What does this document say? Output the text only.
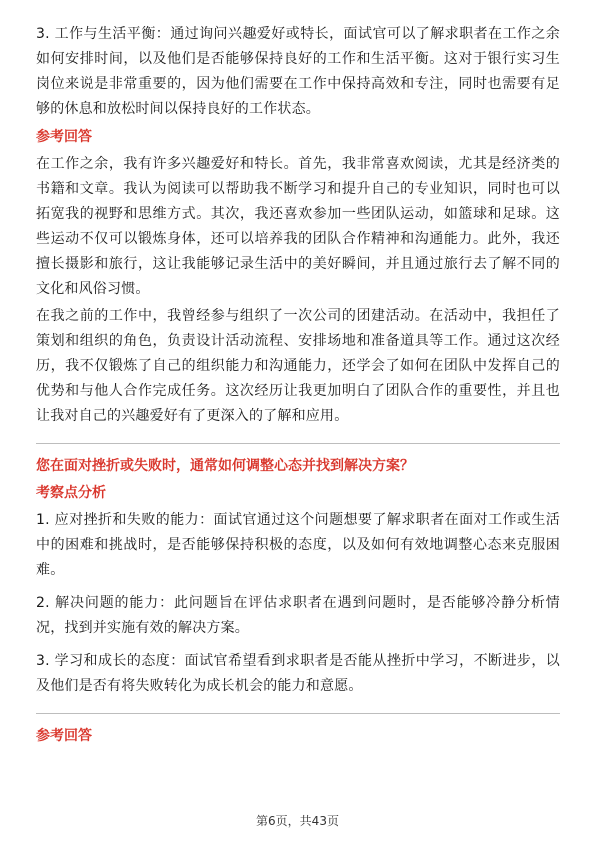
3. 工作与生活平衡：通过询问兴趣爱好或特长，面试官可以了解求职者在工作之余如何安排时间，以及他们是否能够保持良好的工作和生活平衡。这对于银行实习生岗位来说是非常重要的，因为他们需要在工作中保持高效和专注，同时也需要有足够的休息和放松时间以保持良好的工作状态。

参考回答

在工作之余，我有许多兴趣爱好和特长。首先，我非常喜欢阅读，尤其是经济类的书籍和文章。我认为阅读可以帮助我不断学习和提升自己的专业知识，同时也可以拓宽我的视野和思维方式。其次，我还喜欢参加一些团队运动，如篮球和足球。这些运动不仅可以锻炼身体，还可以培养我的团队合作精神和沟通能力。此外，我还擅长摄影和旅行，这让我能够记录生活中的美好瞬间，并且通过旅行去了解不同的文化和风俗习惯。

在我之前的工作中，我曾经参与组织了一次公司的团建活动。在活动中，我担任了策划和组织的角色，负责设计活动流程、安排场地和准备道具等工作。通过这次经历，我不仅锻炼了自己的组织能力和沟通能力，还学会了如何在团队中发挥自己的优势和与他人合作完成任务。这次经历让我更加明白了团队合作的重要性，并且也让我对自己的兴趣爱好有了更深入的了解和应用。

您在面对挫折或失败时，通常如何调整心态并找到解决方案？

考察点分析

1. 应对挫折和失败的能力：面试官通过这个问题想要了解求职者在面对工作或生活中的困难和挑战时，是否能够保持积极的态度，以及如何有效地调整心态来克服困难。

2. 解决问题的能力：此问题旨在评估求职者在遇到问题时，是否能够冷静分析情况，找到并实施有效的解决方案。

3. 学习和成长的态度：面试官希望看到求职者是否能从挫折中学习，不断进步，以及他们是否有将失败转化为成长机会的能力和意愿。

参考回答

第6页，共43页
